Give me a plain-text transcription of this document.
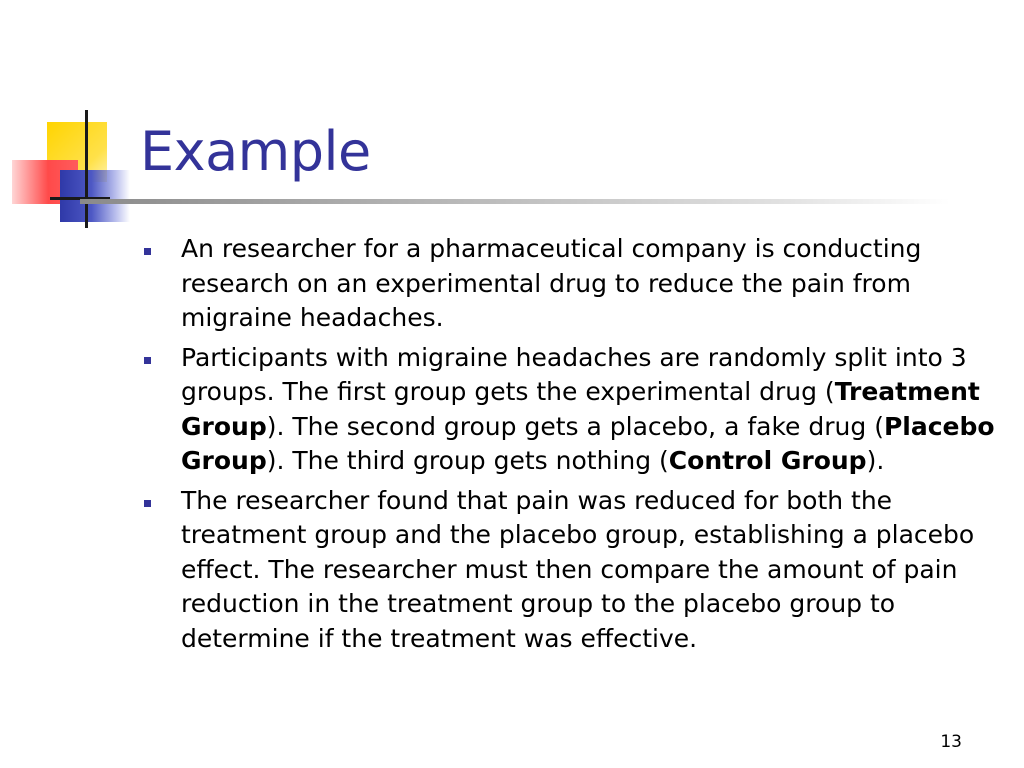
Example
An researcher for a pharmaceutical company is conducting research on an experimental drug to reduce the pain from migraine headaches.
Participants with migraine headaches are randomly split into 3 groups. The first group gets the experimental drug (Treatment Group). The second group gets a placebo, a fake drug (Placebo Group). The third group gets nothing (Control Group).
The researcher found that pain was reduced for both the treatment group and the placebo group, establishing a placebo effect. The researcher must then compare the amount of pain reduction in the treatment group to the placebo group to determine if the treatment was effective.
13
